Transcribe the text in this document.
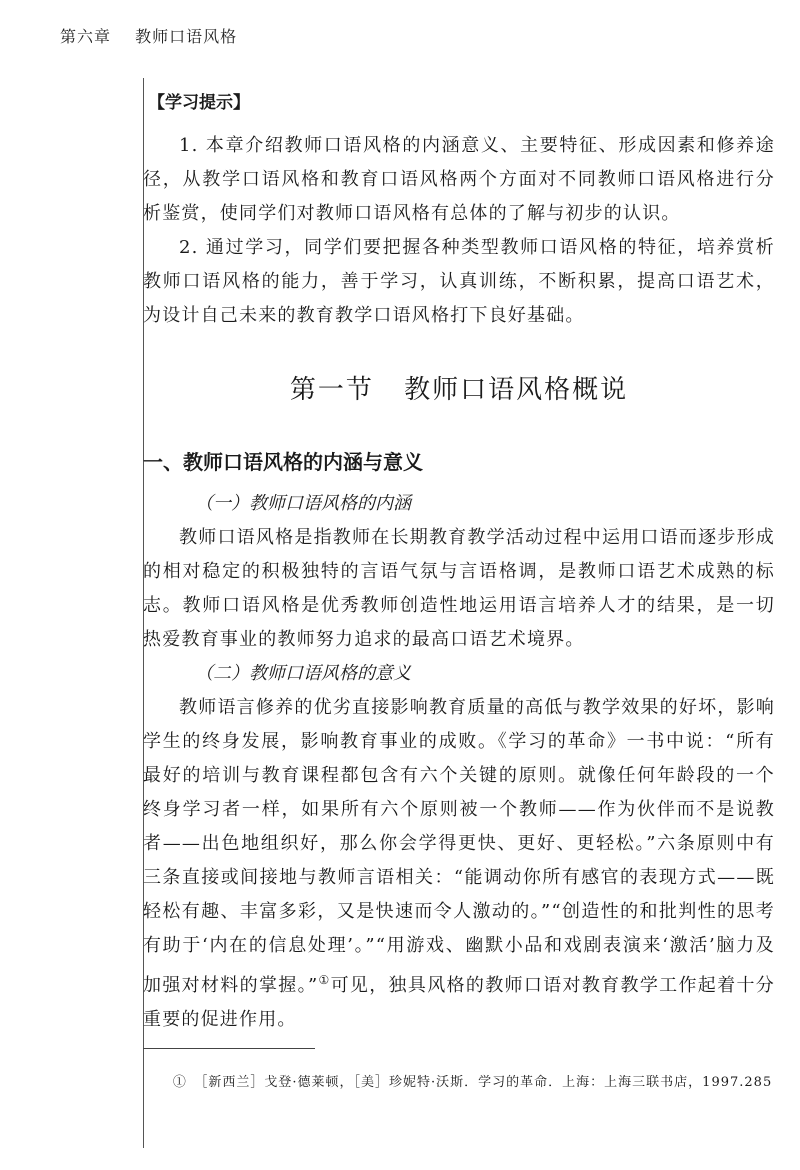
第六章 教师口语风格
【学习提示】

1. 本章介绍教师口语风格的内涵意义、主要特征、形成因素和修养途径，从教学口语风格和教育口语风格两个方面对不同教师口语风格进行分析鉴赏，使同学们对教师口语风格有总体的了解与初步的认识。

2. 通过学习，同学们要把握各种类型教师口语风格的特征，培养赏析教师口语风格的能力，善于学习，认真训练，不断积累，提高口语艺术，为设计自己未来的教育教学口语风格打下良好基础。

第一节 教师口语风格概说
一、教师口语风格的内涵与意义
（一）教师口语风格的内涵

教师口语风格是指教师在长期教育教学活动过程中运用口语而逐步形成的相对稳定的积极独特的言语气氛与言语格调，是教师口语艺术成熟的标志。教师口语风格是优秀教师创造性地运用语言培养人才的结果，是一切热爱教育事业的教师努力追求的最高口语艺术境界。

（二）教师口语风格的意义

教师语言修养的优劣直接影响教育质量的高低与教学效果的好坏，影响学生的终身发展，影响教育事业的成败。《学习的革命》一书中说：“所有最好的培训与教育课程都包含有六个关键的原则。就像任何年龄段的一个终身学习者一样，如果所有六个原则被一个教师——作为伙伴而不是说教者——出色地组织好，那么你会学得更快、更好、更轻松。”六条原则中有三条直接或间接地与教师言语相关：“能调动你所有感官的表现方式——既轻松有趣、丰富多彩，又是快速而令人激动的。”“创造性的和批判性的思考有助于‘内在的信息处理’。”“用游戏、幽默小品和戏剧表演来‘激活’脑力及加强对材料的掌握。”①可见，独具风格的教师口语对教育教学工作起着十分重要的促进作用。

①　 ［新西兰］戈登·德莱顿，［美］珍妮特·沃斯．学习的革命．上海：上海三联书店，1997.285
